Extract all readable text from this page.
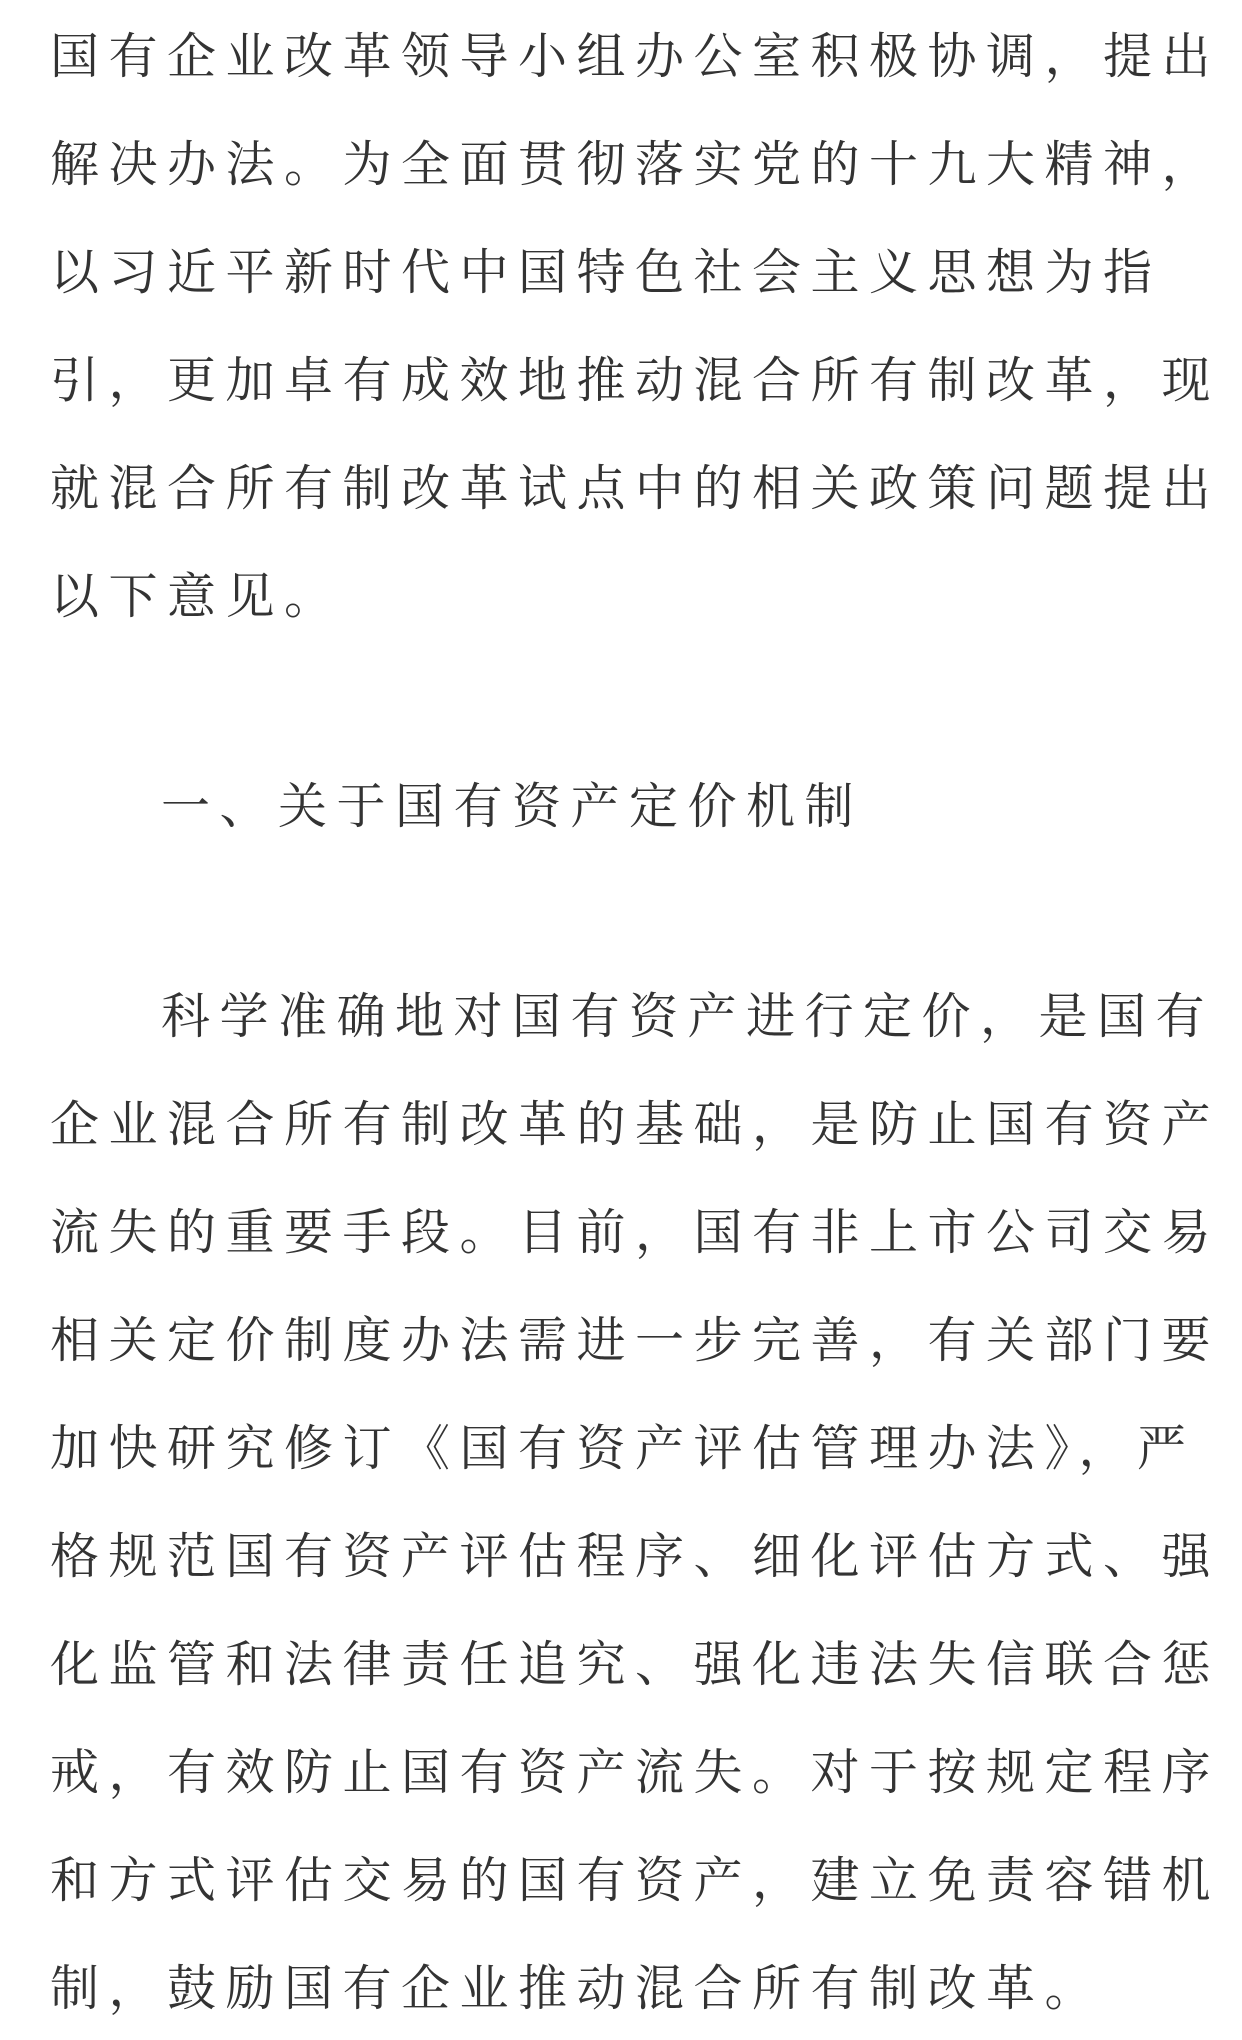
国有企业改革领导小组办公室积极协调，提出
解决办法。为全面贯彻落实党的十九大精神，
以习近平新时代中国特色社会主义思想为指
引，更加卓有成效地推动混合所有制改革，现
就混合所有制改革试点中的相关政策问题提出
以下意见。
一、关于国有资产定价机制
科学准确地对国有资产进行定价，是国有
企业混合所有制改革的基础，是防止国有资产
流失的重要手段。目前，国有非上市公司交易
相关定价制度办法需进一步完善，有关部门要
加快研究修订《国有资产评估管理办法》，严
格规范国有资产评估程序、细化评估方式、强
化监管和法律责任追究、强化违法失信联合惩
戒，有效防止国有资产流失。对于按规定程序
和方式评估交易的国有资产，建立免责容错机
制，鼓励国有企业推动混合所有制改革。
